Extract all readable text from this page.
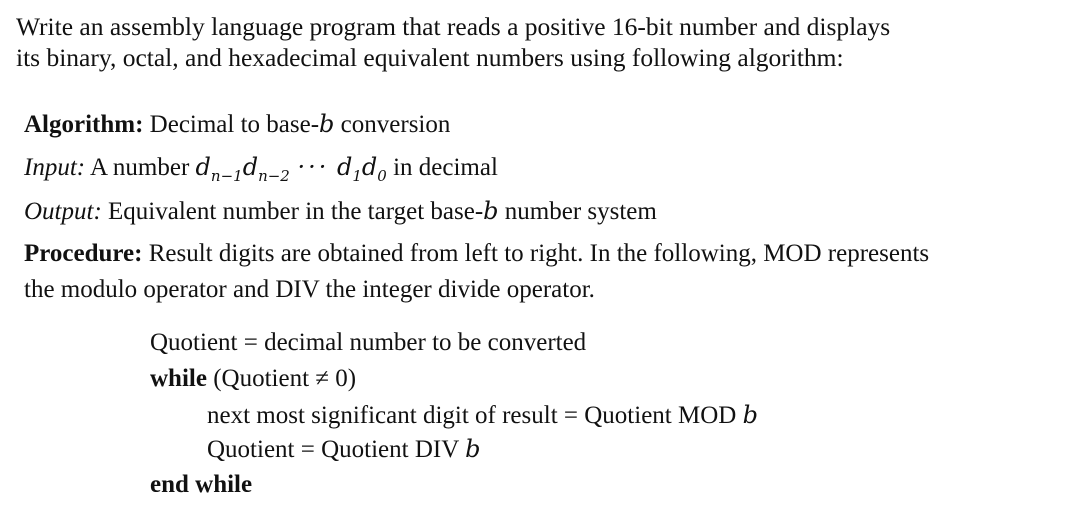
Write an assembly language program that reads a positive 16-bit number and displays
its binary, octal, and hexadecimal equivalent numbers using following algorithm:
Algorithm: Decimal to base-b conversion
Input: A number $d_{n-1}d_{n-2}$ ··· $d_1d_0$ in decimal
Output: Equivalent number in the target base-b number system
Procedure: Result digits are obtained from left to right. In the following, MOD represents
the modulo operator and DIV the integer divide operator.
Quotient = decimal number to be converted
while (Quotient ≠ 0)
next most significant digit of result = Quotient MOD b
Quotient = Quotient DIV b
end while
